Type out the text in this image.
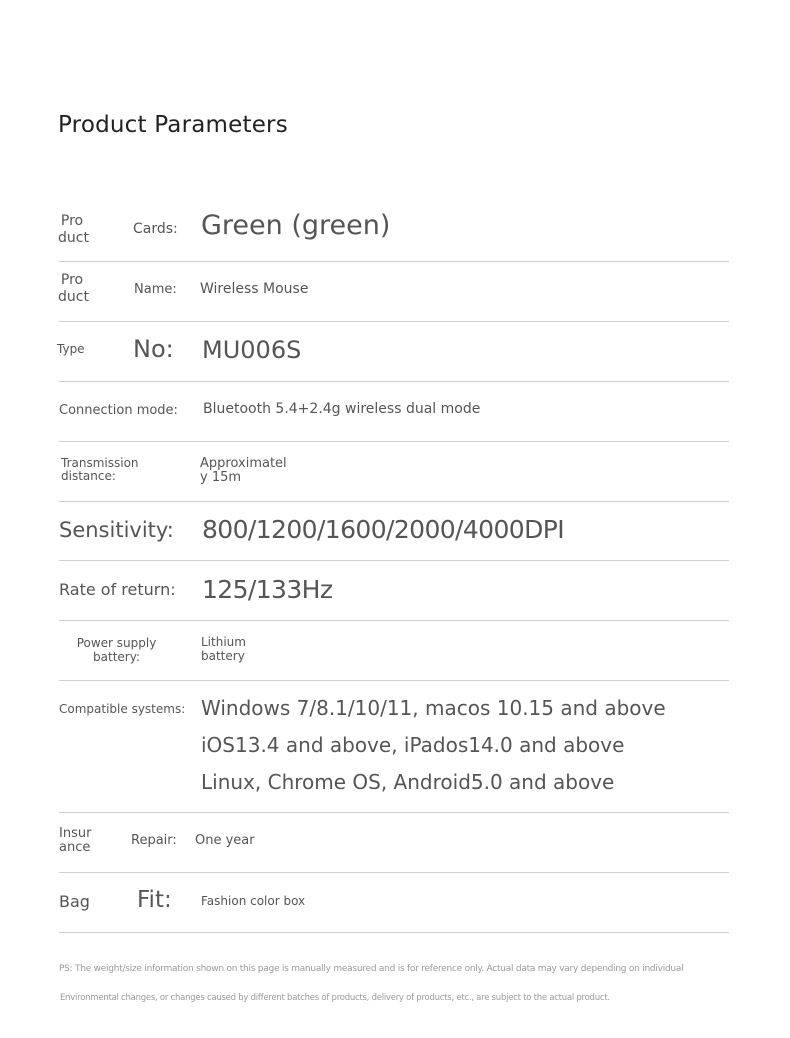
Product Parameters
Pro
duct
Cards: Green (green)
Pro
duct	Name: Wireless Mouse
Type No: MU006S
Connection mode: Bluetooth 5.4+2.4g wireless dual mode
Transmission
distance:
Approximatel
y 15m
Sensitivity: 800/1200/1600/2000/4000DPI
Rate of return: 125/133Hz
Power supply
battery:
Lithium
battery
Compatible systems: Windows 7/8.1/10/11, macos 10.15 and above
iOS13.4 and above, iPados14.0 and above
Linux, Chrome OS, Android5.0 and above
Insur
ance	Repair: One year
Bag Fit: Fashion color box
PS: The weight/size information shown on this page is manually measured and is for reference only. Actual data may vary depending on individual
Environmental changes, or changes caused by different batches of products, delivery of products, etc., are subject to the actual product.
